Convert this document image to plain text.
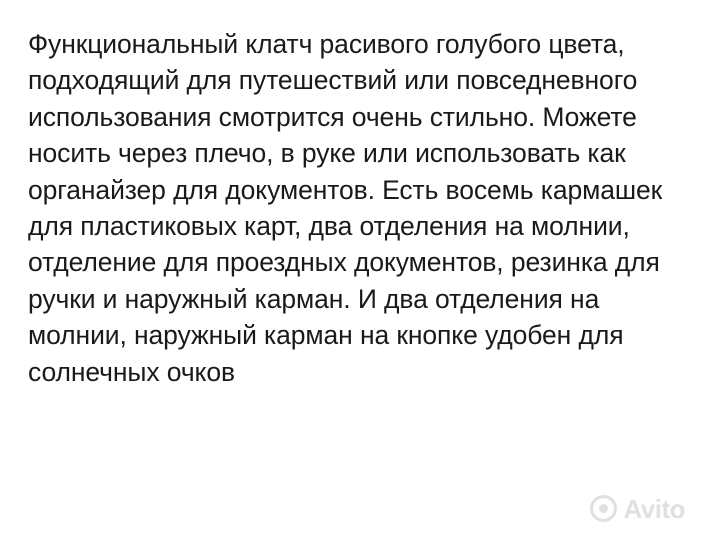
Функциональный клатч расивого голубого цвета, подходящий для путешествий или повседневного использования смотрится очень стильно. Можете носить через плечо, в руке или использовать как органайзер для документов. Есть восемь кармашек для пластиковых карт, два отделения на молнии, отделение для проездных документов, резинка для ручки и наружный карман. И два отделения на молнии, наружный карман на кнопке удобен для солнечных очков
Avito
